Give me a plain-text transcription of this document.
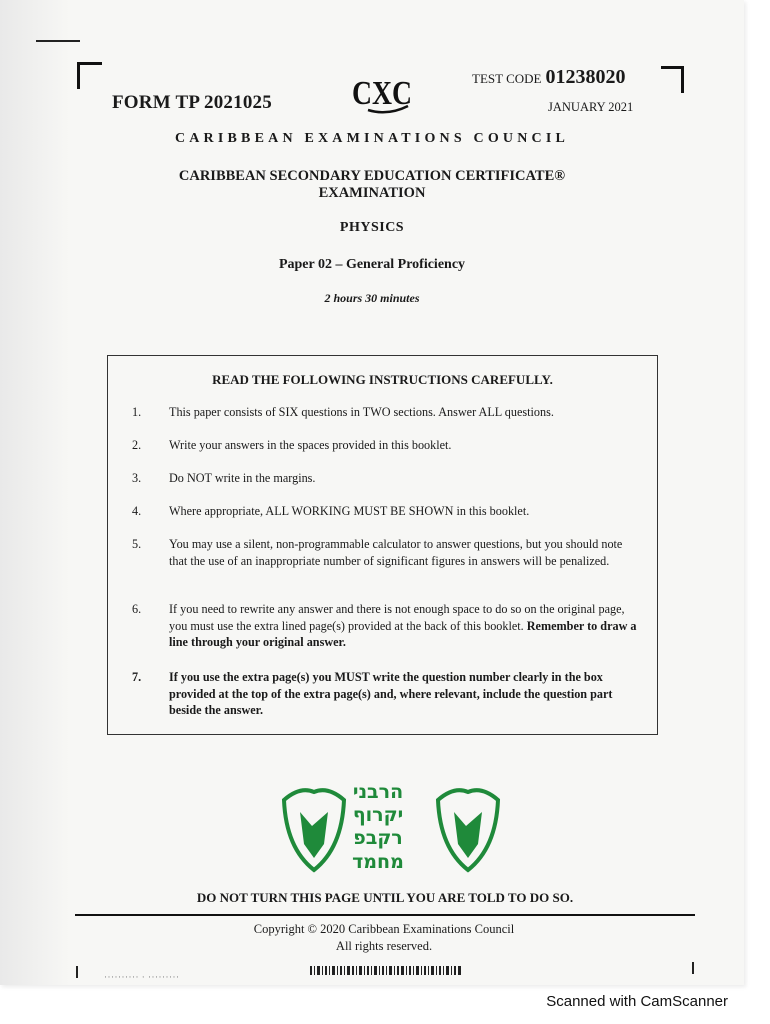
FORM TP 2021025 CXC	TEST CODE 01238020
JANUARY 2021
CARIBBEAN EXAMINATIONS COUNCIL
CARIBBEAN SECONDARY EDUCATION CERTIFICATE®
EXAMINATION
PHYSICS
Paper 02 – General Proficiency
2 hours 30 minutes
READ THE FOLLOWING INSTRUCTIONS CAREFULLY.
1. This paper consists of SIX questions in TWO sections. Answer ALL questions.
2. Write your answers in the spaces provided in this booklet.
3. Do NOT write in the margins.
4. Where appropriate, ALL WORKING MUST BE SHOWN in this booklet.
5. You may use a silent, non-programmable calculator to answer questions, but you should note that the use of an inappropriate number of significant figures in answers will be penalized.
6. If you need to rewrite any answer and there is not enough space to do so on the original page, you must use the extra lined page(s) provided at the back of this booklet. Remember to draw a line through your original answer.
7. If you use the extra page(s) you MUST write the question number clearly in the box provided at the top of the extra page(s) and, where relevant, include the question part beside the answer.
הרבני
יקרוף
רקבפ
מחמד
DO NOT TURN THIS PAGE UNTIL YOU ARE TOLD TO DO SO.
Copyright © 2020 Caribbean Examinations Council
All rights reserved.
·········· · ·········
Scanned with CamScanner
